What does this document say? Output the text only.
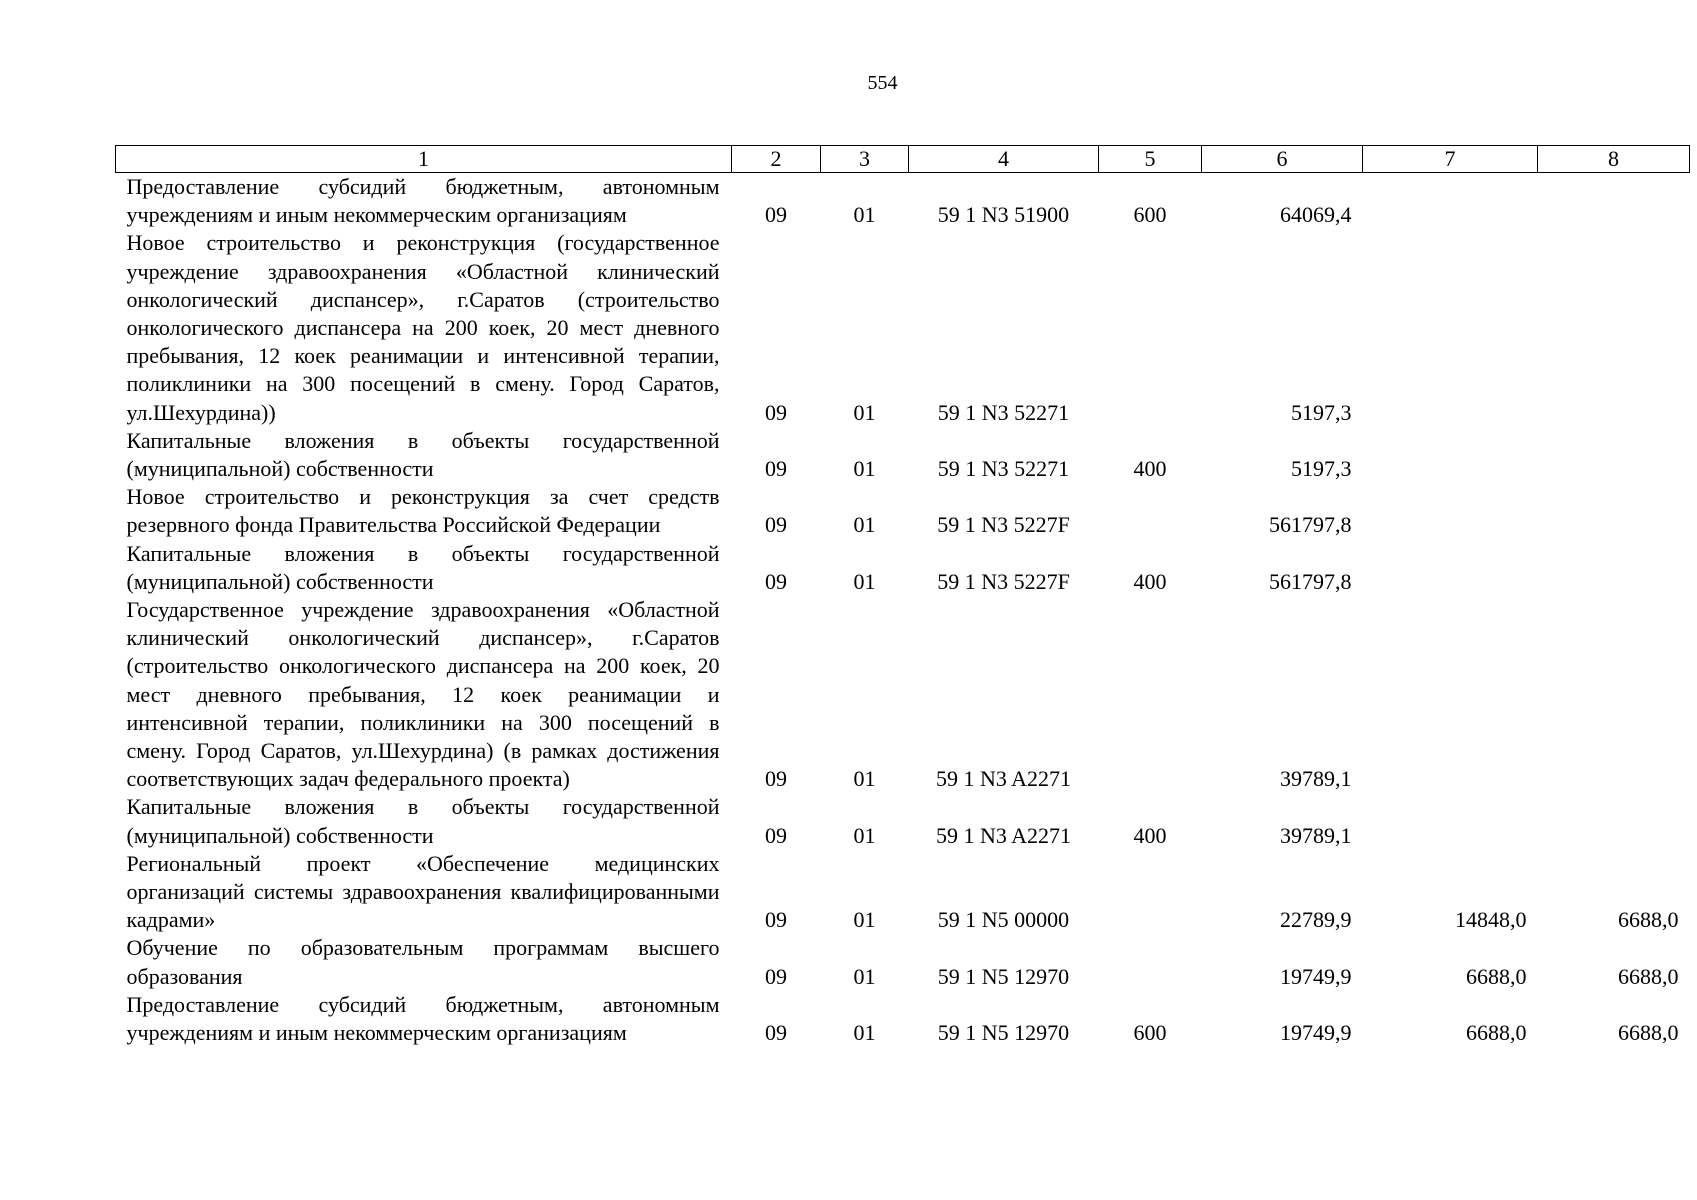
554
1	2	3	4	5	6	7	8
Предоставление субсидий бюджетным, автономным учреждениям и иным некоммерческим организациям	09	01	59 1 N3 51900	600	64069,4		
Новое строительство и реконструкция (государственное учреждение здравоохранения «Областной клинический онкологический диспансер», г.Саратов (строительство онкологического диспансера на 200 коек, 20 мест дневного пребывания, 12 коек реанимации и интенсивной терапии, поликлиники на 300 посещений в смену. Город Саратов, ул.Шехурдина))	09	01	59 1 N3 52271		5197,3		
Капитальные вложения в объекты государственной (муниципальной) собственности	09	01	59 1 N3 52271	400	5197,3		
Новое строительство и реконструкция за счет средств резервного фонда Правительства Российской Федерации	09	01	59 1 N3 5227F		561797,8		
Капитальные вложения в объекты государственной (муниципальной) собственности	09	01	59 1 N3 5227F	400	561797,8		
Государственное учреждение здравоохранения «Областной клинический онкологический диспансер», г.Саратов (строительство онкологического диспансера на 200 коек, 20 мест дневного пребывания, 12 коек реанимации и интенсивной терапии, поликлиники на 300 посещений в смену. Город Саратов, ул.Шехурдина) (в рамках достижения соответствующих задач федерального проекта)	09	01	59 1 N3 A2271		39789,1		
Капитальные вложения в объекты государственной (муниципальной) собственности	09	01	59 1 N3 A2271	400	39789,1		
Региональный проект «Обеспечение медицинских организаций системы здравоохранения квалифицированными кадрами»	09	01	59 1 N5 00000		22789,9	14848,0	6688,0
Обучение по образовательным программам высшего образования	09	01	59 1 N5 12970		19749,9	6688,0	6688,0
Предоставление субсидий бюджетным, автономным учреждениям и иным некоммерческим организациям	09	01	59 1 N5 12970	600	19749,9	6688,0	6688,0
